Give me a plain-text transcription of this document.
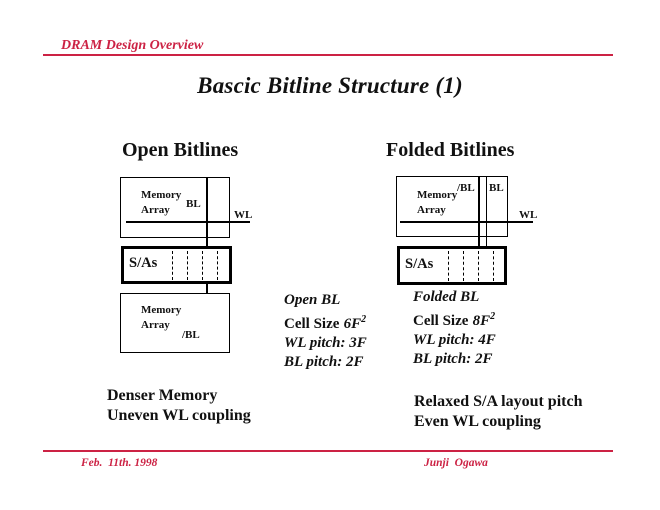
DRAM Design Overview
Bascic Bitline Structure (1)
Open Bitlines	Folded Bitlines
Memory Array	BL
WL
S/As
Memory Array
/BL
Open BL
Cell Size $6F^2$
WL pitch: 3F
BL pitch: 2F
Denser Memory
Uneven WL coupling
Memory Array
/BL BL
WL
S/As
Folded BL
Cell Size $8F^2$
WL pitch: 4F
BL pitch: 2F
Relaxed S/A layout pitch
Even WL coupling
Feb.  11th. 1998	Junji  Ogawa
